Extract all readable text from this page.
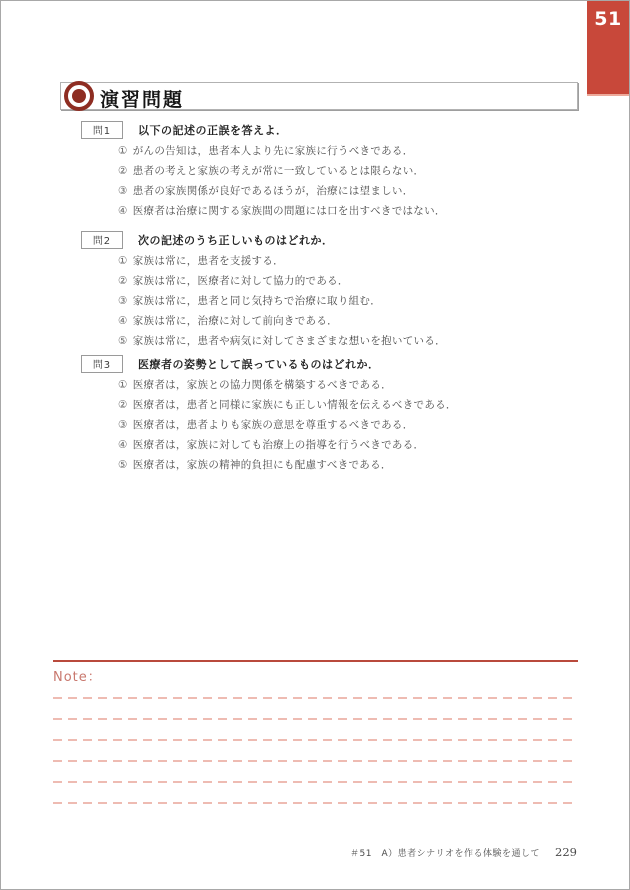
51
演習問題
問1	以下の記述の正誤を答えよ．
① がんの告知は，患者本人より先に家族に行うべきである．
② 患者の考えと家族の考えが常に一致しているとは限らない．
③ 患者の家族関係が良好であるほうが，治療には望ましい．
④ 医療者は治療に関する家族間の問題には口を出すべきではない．
問2	次の記述のうち正しいものはどれか．
① 家族は常に，患者を支援する．
② 家族は常に，医療者に対して協力的である．
③ 家族は常に，患者と同じ気持ちで治療に取り組む．
④ 家族は常に，治療に対して前向きである．
⑤ 家族は常に，患者や病気に対してさまざまな想いを抱いている．
問3	医療者の姿勢として誤っているものはどれか．
① 医療者は，家族との協力関係を構築するべきである．
② 医療者は，患者と同様に家族にも正しい情報を伝えるべきである．
③ 医療者は，患者よりも家族の意思を尊重するべきである．
④ 医療者は，家族に対しても治療上の指導を行うべきである．
⑤ 医療者は，家族の精神的負担にも配慮すべきである．
Note：
＃51　A）患者シナリオを作る体験を通して 229
